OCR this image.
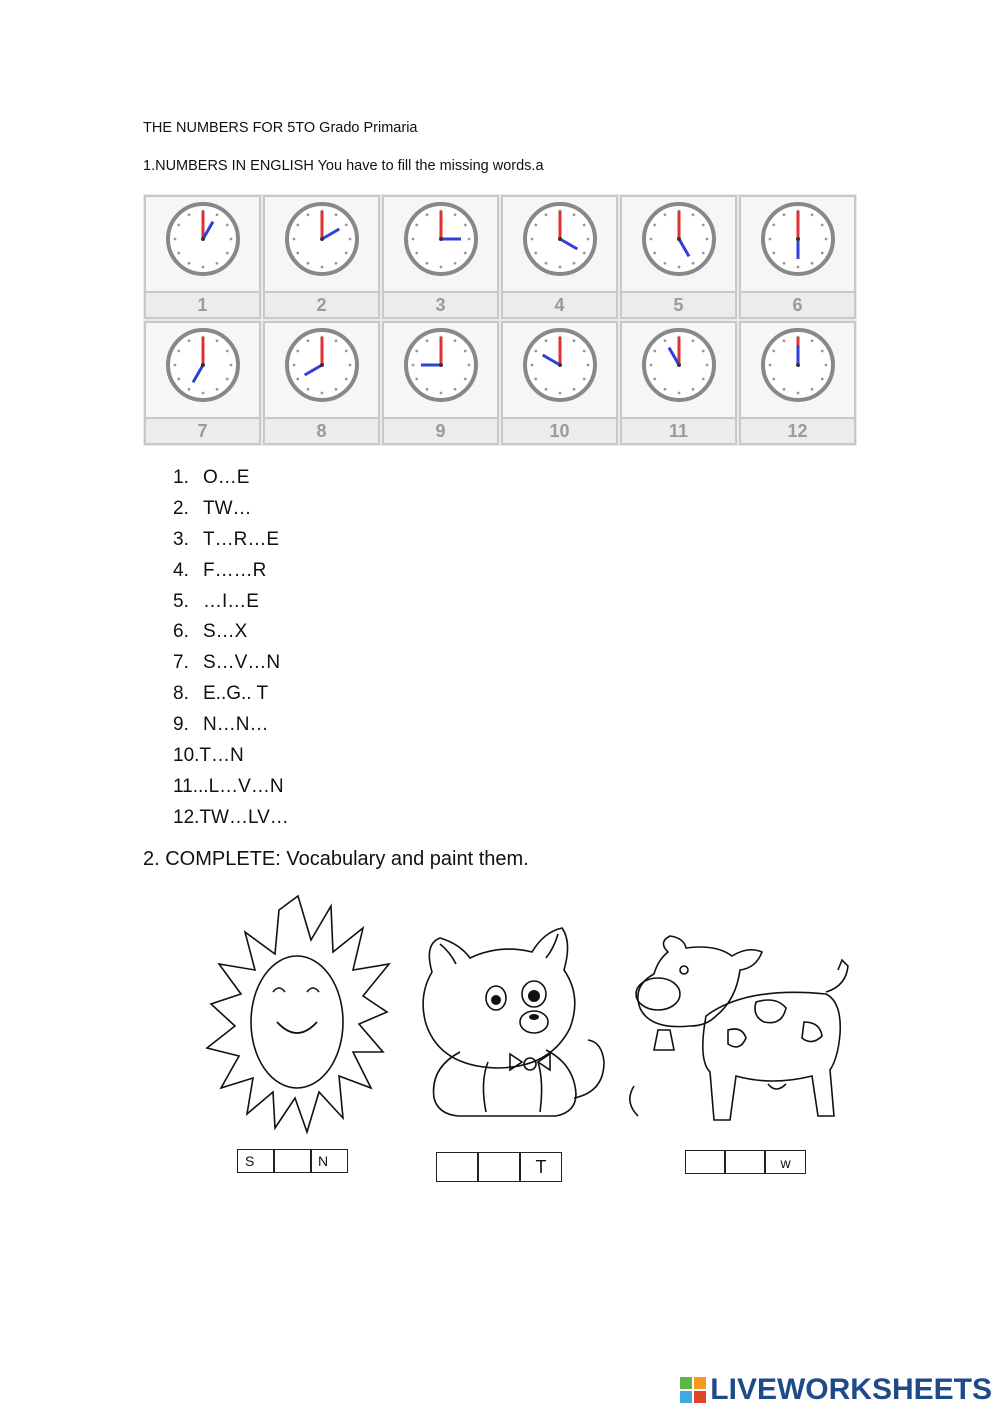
THE NUMBERS FOR 5TO Grado Primaria
1.NUMBERS IN ENGLISH You have to fill the missing words.a
1	2	3	4	5	6
7	8	9	10	11	12
1. O…E
2. TW…
3. T…R…E
4. F……R
5. …I…E
6. S…X
7. S…V…N
8. E..G.. T
9. N…N…
10.T…N
11...L…V…N
12.TW…LV…
2. COMPLETE: Vocabulary and paint them.
S	N	T	w
LIVEWORKSHEETS
